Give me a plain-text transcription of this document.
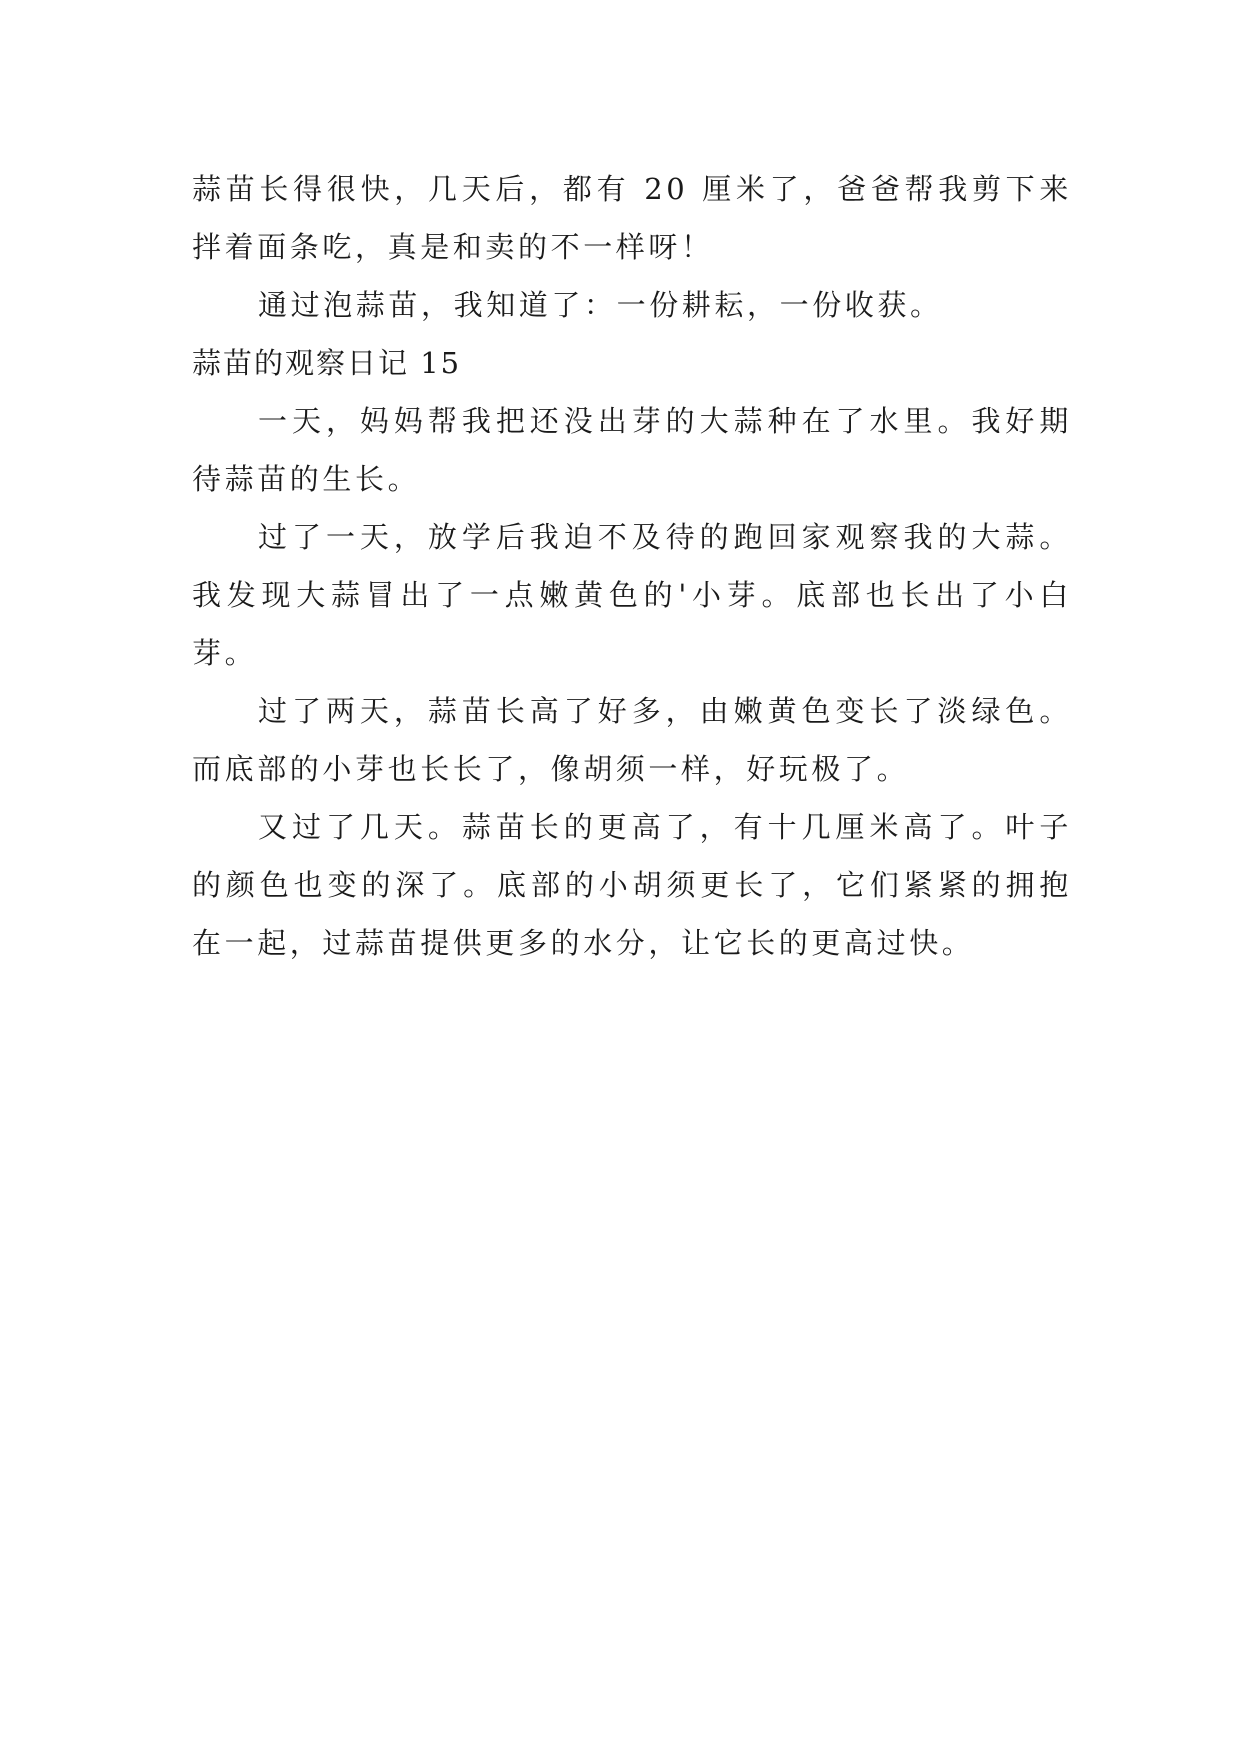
蒜苗长得很快，几天后，都有 20 厘米了，爸爸帮我剪下来拌着面条吃，真是和卖的不一样呀！

通过泡蒜苗，我知道了：一份耕耘，一份收获。

蒜苗的观察日记 15

一天，妈妈帮我把还没出芽的大蒜种在了水里。我好期待蒜苗的生长。

过了一天，放学后我迫不及待的跑回家观察我的大蒜。我发现大蒜冒出了一点嫩黄色的'小芽。底部也长出了小白芽。

过了两天，蒜苗长高了好多，由嫩黄色变长了淡绿色。而底部的小芽也长长了，像胡须一样，好玩极了。

又过了几天。蒜苗长的更高了，有十几厘米高了。叶子的颜色也变的深了。底部的小胡须更长了，它们紧紧的拥抱在一起，过蒜苗提供更多的水分，让它长的更高过快。
